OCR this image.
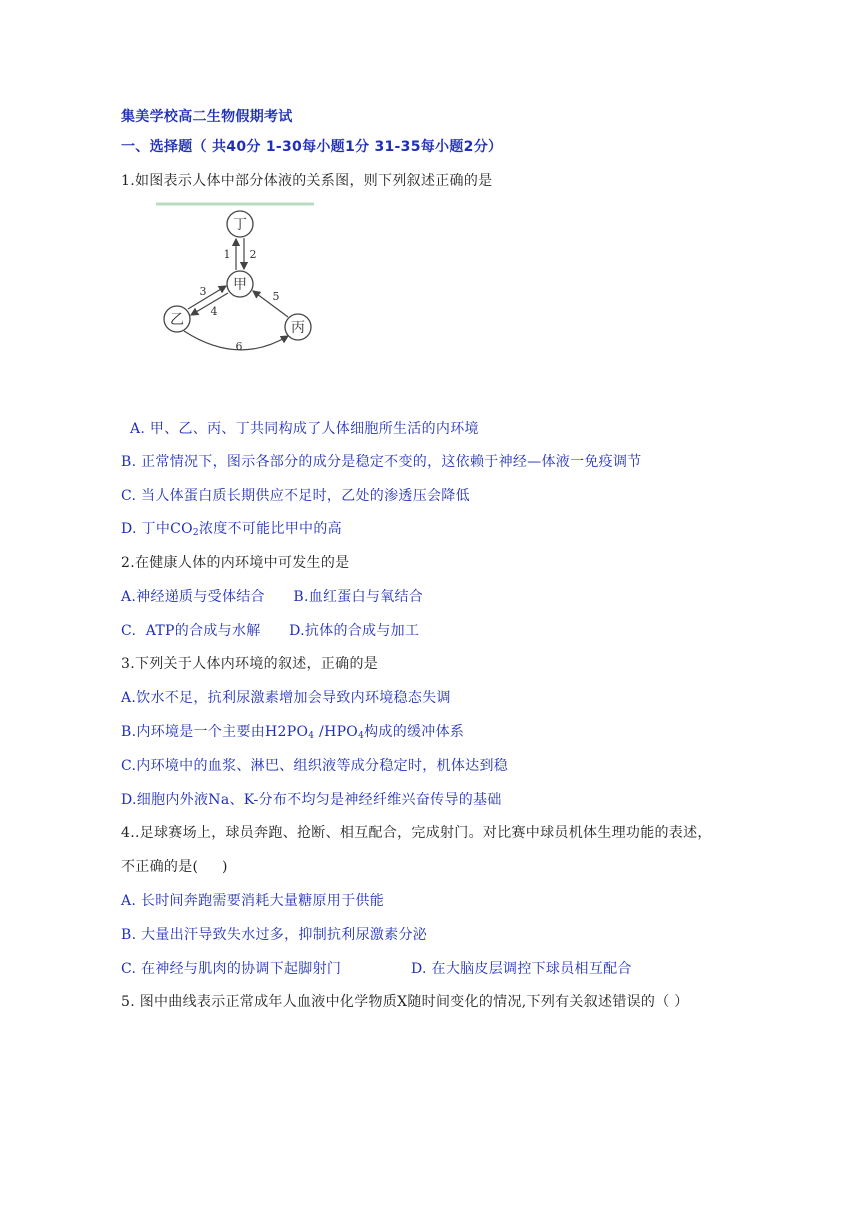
集美学校高二生物假期考试
一、选择题（ 共40分 1-30每小题1分 31-35每小题2分）
1.如图表示人体中部分体液的关系图，则下列叙述正确的是
丁
甲
乙	丙
1 2
3
4
5
6
A. 甲、乙、丙、丁共同构成了人体细胞所生活的内环境
B. 正常情况下，图示各部分的成分是稳定不变的，这依赖于神经—体液一免疫调节
C. 当人体蛋白质长期供应不足时，乙处的渗透压会降低
D. 丁中$CO_2$浓度不可能比甲中的高
2.在健康人体的内环境中可发生的是
A.神经递质与受体结合      B.血红蛋白与氧结合
C.  ATP的合成与水解      D.抗体的合成与加工
3.下列关于人体内环境的叙述，正确的是
A.饮水不足，抗利尿激素增加会导致内环境稳态失调
B.内环境是一个主要由$H2PO_4$ $/HPO_4$构成的缓冲体系
C.内环境中的血浆、淋巴、组织液等成分稳定时，机体达到稳
D.细胞内外液Na、K-分布不均匀是神经纤维兴奋传导的基础
4..足球赛场上，球员奔跑、抢断、相互配合，完成射门。对比赛中球员机体生理功能的表述，
不正确的是(     )
A. 长时间奔跑需要消耗大量糖原用于供能
B. 大量出汗导致失水过多，抑制抗利尿激素分泌
C. 在神经与肌肉的协调下起脚射门	D. 在大脑皮层调控下球员相互配合
5. 图中曲线表示正常成年人血液中化学物质X随时间变化的情况,下列有关叙述错误的（ ）
